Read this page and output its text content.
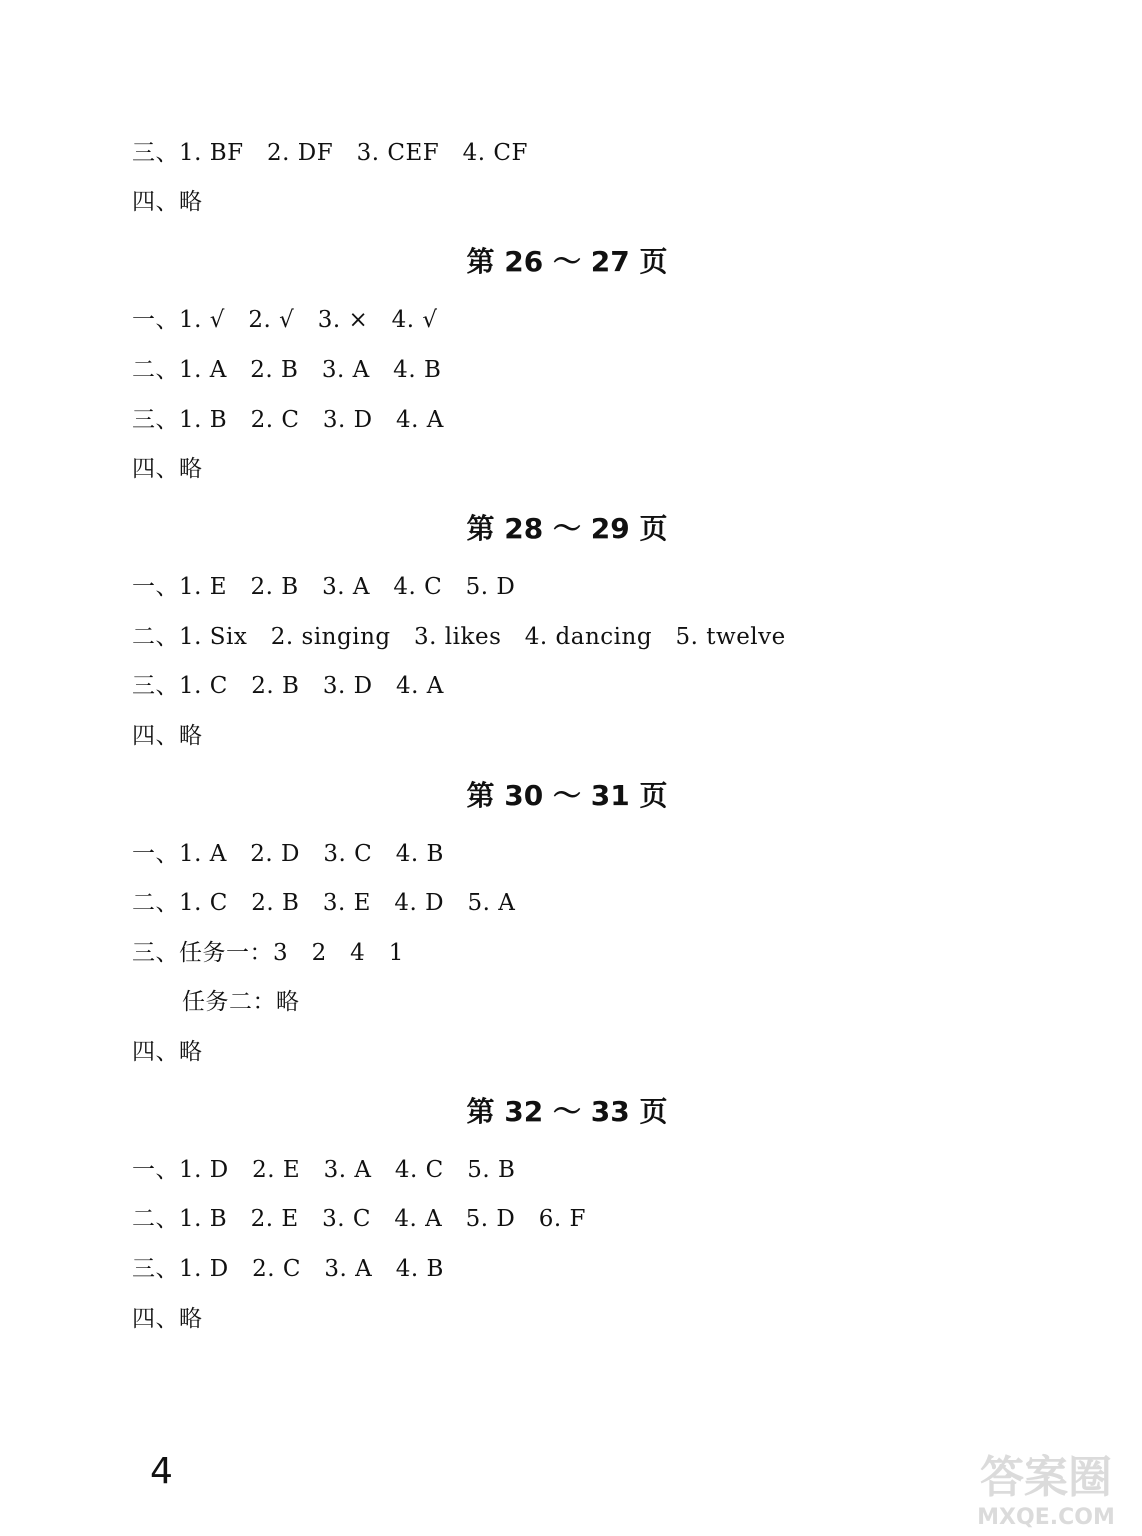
三、1. BF   2. DF   3. CEF   4. CF
四、略
第 26 ～ 27 页
一、1. √   2. √   3. ×   4. √
二、1. A   2. B   3. A   4. B
三、1. B   2. C   3. D   4. A
四、略
第 28 ～ 29 页
一、1. E   2. B   3. A   4. C   5. D
二、1. Six   2. singing   3. likes   4. dancing   5. twelve
三、1. C   2. B   3. D   4. A
四、略
第 30 ～ 31 页
一、1. A   2. D   3. C   4. B
二、1. C   2. B   3. E   4. D   5. A
三、任务一：3   2   4   1
任务二：略
四、略
第 32 ～ 33 页
一、1. D   2. E   3. A   4. C   5. B
二、1. B   2. E   3. C   4. A   5. D   6. F
三、1. D   2. C   3. A   4. B
四、略
4	答案圈
MXQE.COM
